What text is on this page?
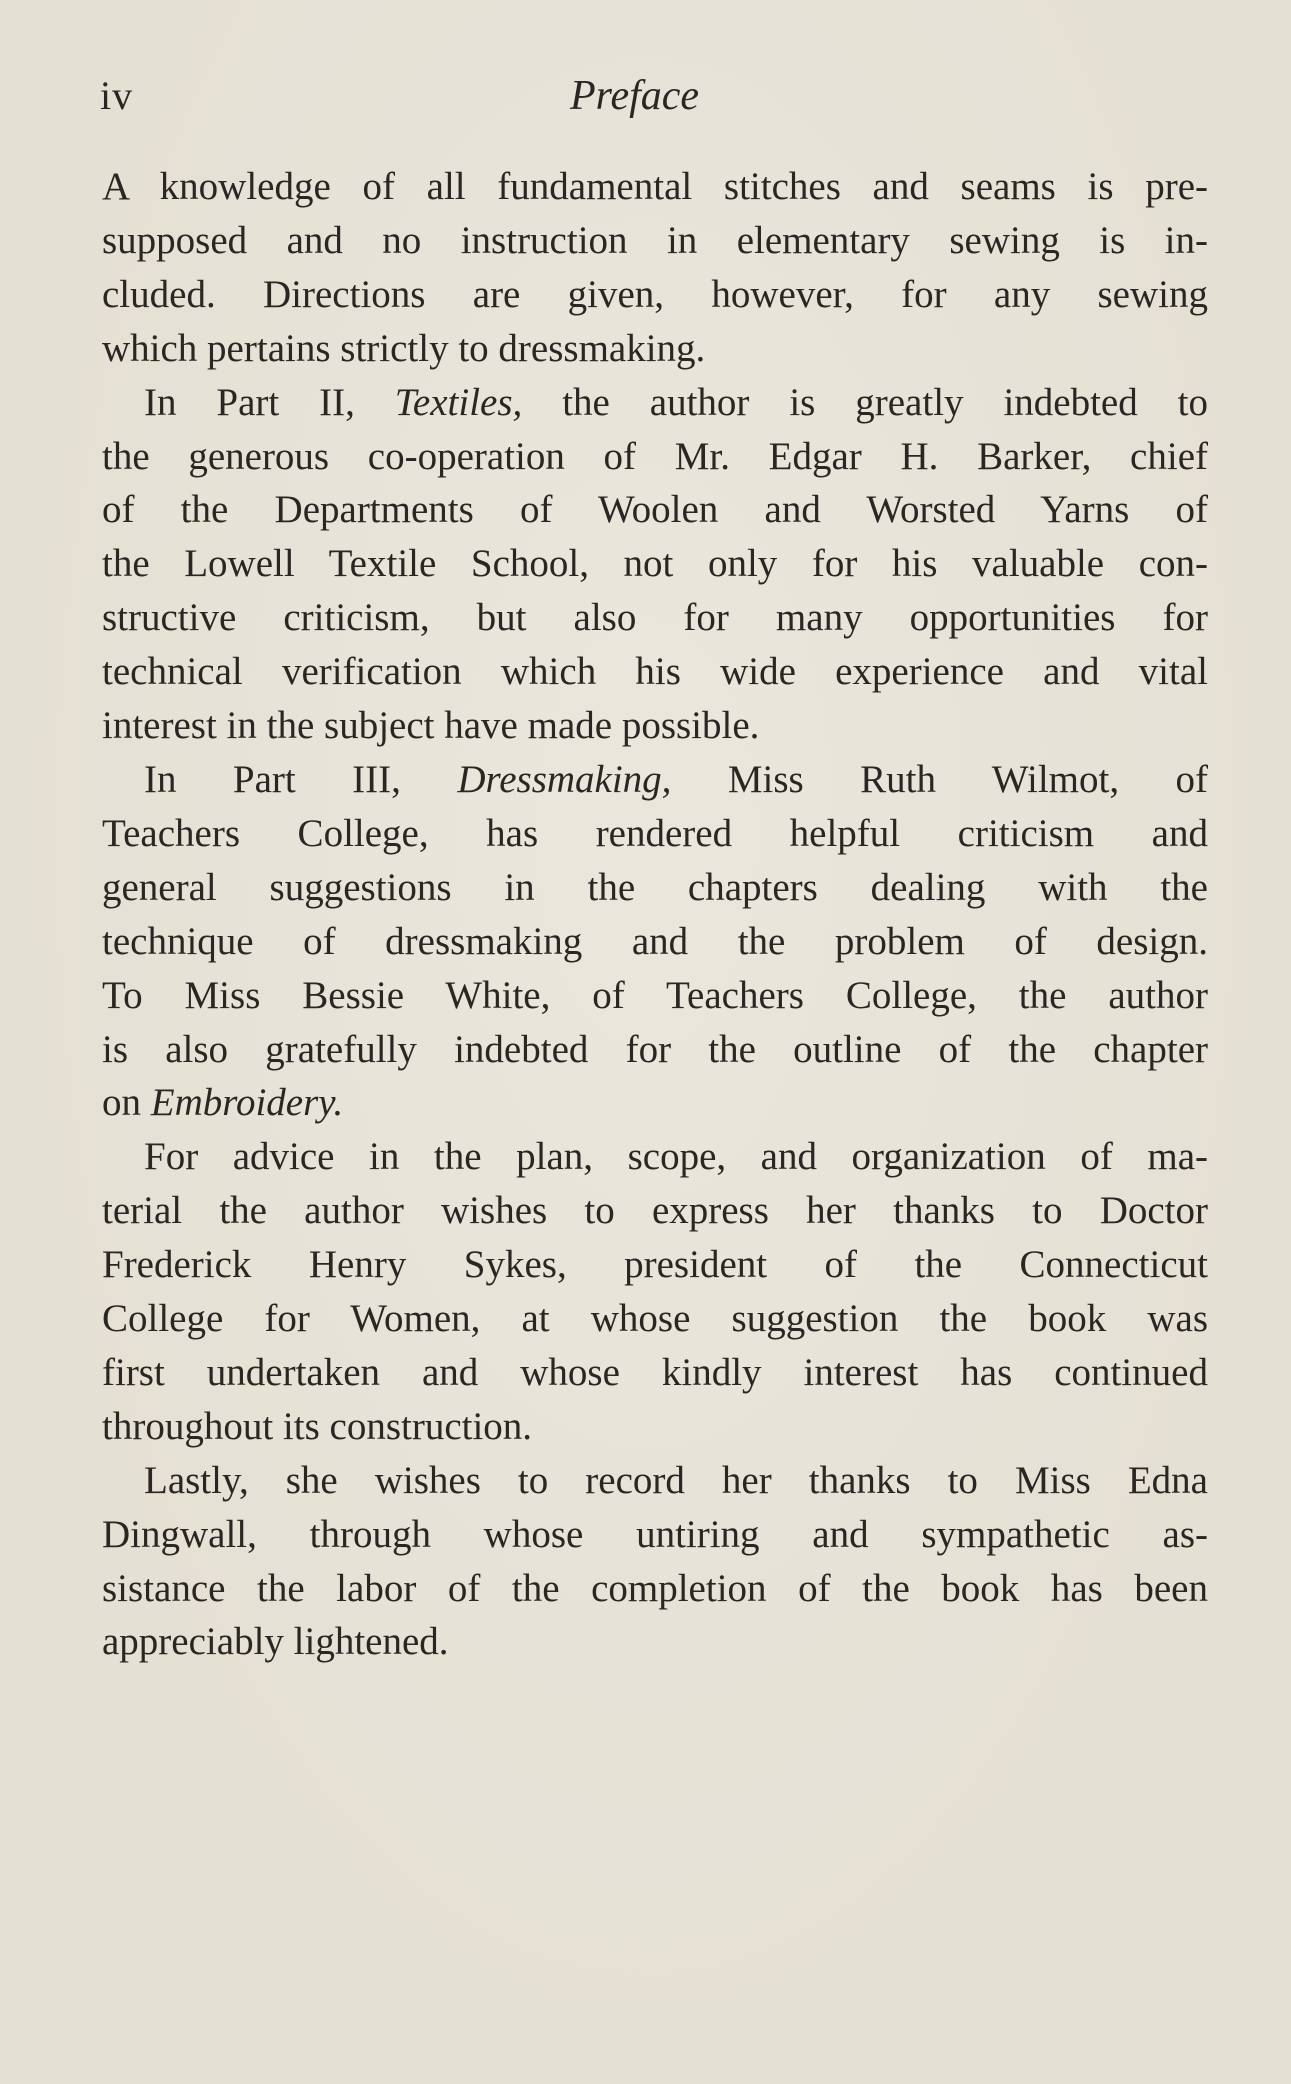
iv	Preface

A knowledge of all fundamental stitches and seams is pre-
supposed and no instruction in elementary sewing is in-
cluded. Directions are given, however, for any sewing
which pertains strictly to dressmaking.

In Part II, Textiles, the author is greatly indebted to
the generous co-operation of Mr. Edgar H. Barker, chief
of the Departments of Woolen and Worsted Yarns of
the Lowell Textile School, not only for his valuable con-
structive criticism, but also for many opportunities for
technical verification which his wide experience and vital
interest in the subject have made possible.

In Part III, Dressmaking, Miss Ruth Wilmot, of
Teachers College, has rendered helpful criticism and
general suggestions in the chapters dealing with the
technique of dressmaking and the problem of design.
To Miss Bessie White, of Teachers College, the author
is also gratefully indebted for the outline of the chapter
on Embroidery.

For advice in the plan, scope, and organization of ma-
terial the author wishes to express her thanks to Doctor
Frederick Henry Sykes, president of the Connecticut
College for Women, at whose suggestion the book was
first undertaken and whose kindly interest has continued
throughout its construction.

Lastly, she wishes to record her thanks to Miss Edna
Dingwall, through whose untiring and sympathetic as-
sistance the labor of the completion of the book has been
appreciably lightened.
